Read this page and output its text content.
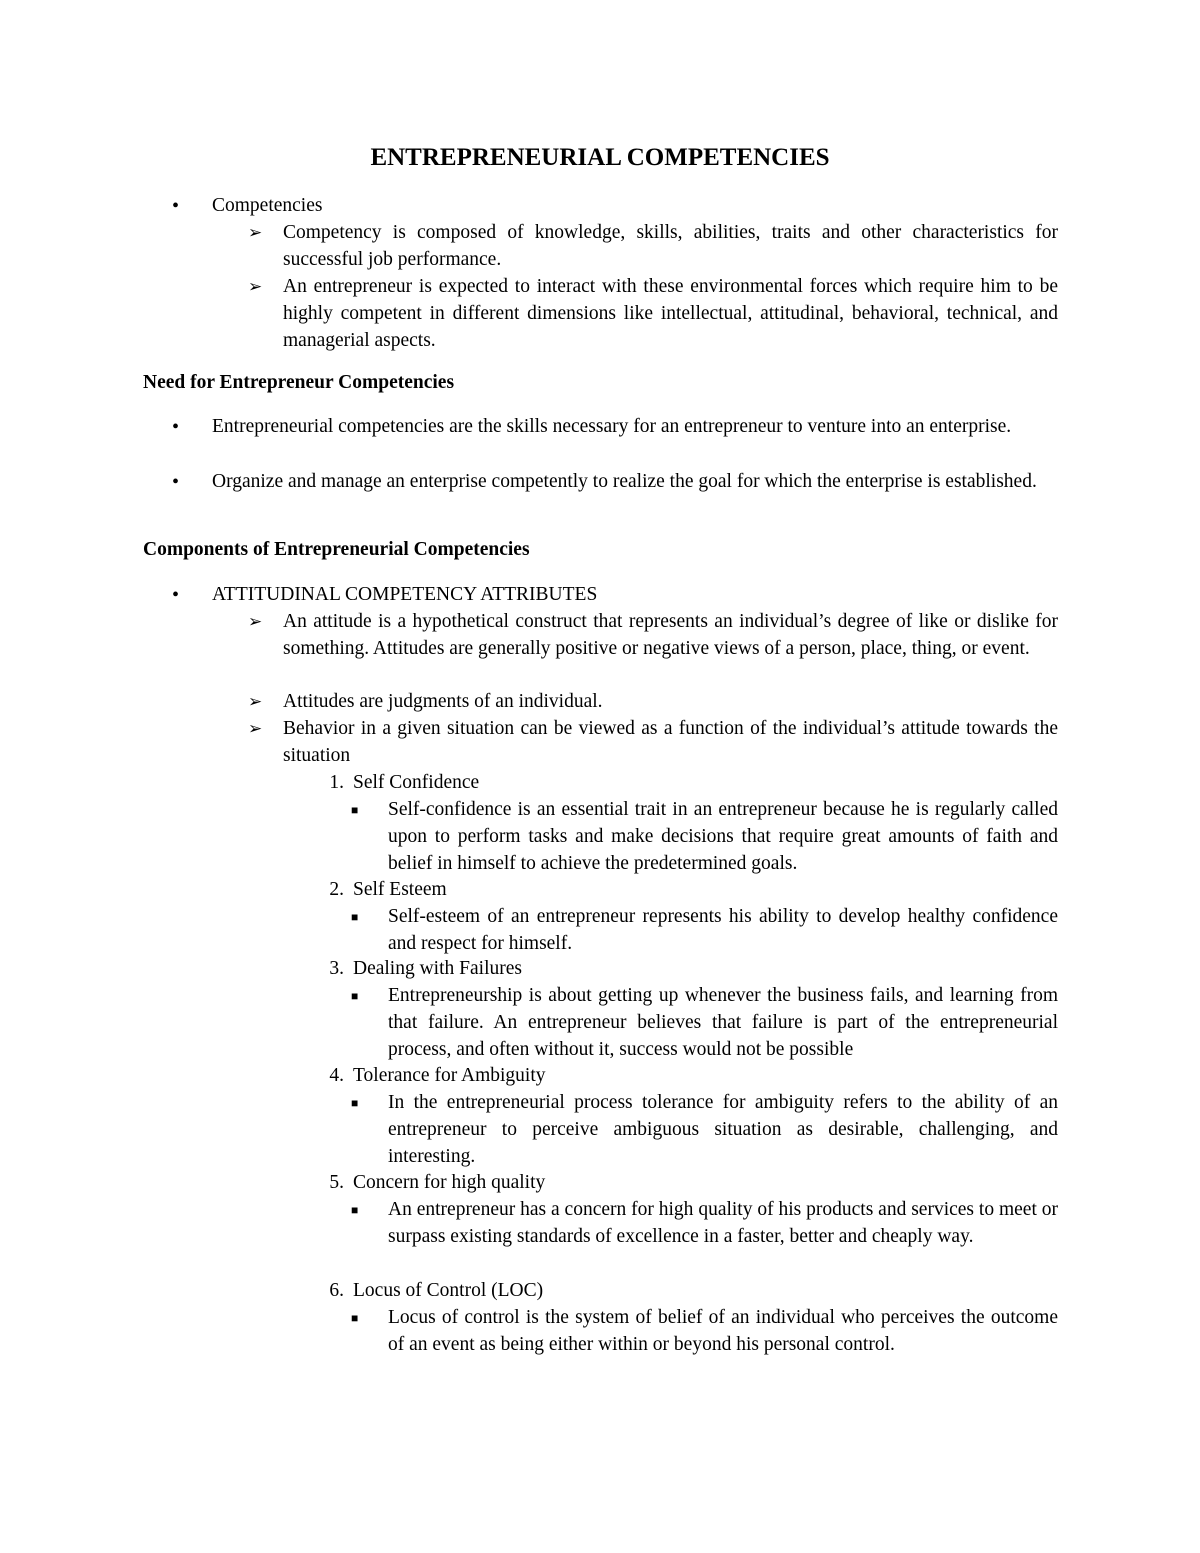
ENTREPRENEURIAL COMPETENCIES
• Competencies
➢ Competency is composed of knowledge, skills, abilities, traits and other characteristics for successful job performance.
➢ An entrepreneur is expected to interact with these environmental forces which require him to be highly competent in different dimensions like intellectual, attitudinal, behavioral, technical, and managerial aspects.
Need for Entrepreneur Competencies
• Entrepreneurial competencies are the skills necessary for an entrepreneur to venture into an enterprise.
• Organize and manage an enterprise competently to realize the goal for which the enterprise is established.
Components of Entrepreneurial Competencies
• ATTITUDINAL COMPETENCY ATTRIBUTES
➢ An attitude is a hypothetical construct that represents an individual’s degree of like or dislike for something. Attitudes are generally positive or negative views of a person, place, thing, or event.
➢ Attitudes are judgments of an individual.
➢ Behavior in a given situation can be viewed as a function of the individual’s attitude towards the situation
1. Self Confidence
■ Self-confidence is an essential trait in an entrepreneur because he is regularly called upon to perform tasks and make decisions that require great amounts of faith and belief in himself to achieve the predetermined goals.
2. Self Esteem
■ Self-esteem of an entrepreneur represents his ability to develop healthy confidence and respect for himself.
3. Dealing with Failures
■ Entrepreneurship is about getting up whenever the business fails, and learning from that failure. An entrepreneur believes that failure is part of the entrepreneurial process, and often without it, success would not be possible
4. Tolerance for Ambiguity
■ In the entrepreneurial process tolerance for ambiguity refers to the ability of an entrepreneur to perceive ambiguous situation as desirable, challenging, and interesting.
5. Concern for high quality
■ An entrepreneur has a concern for high quality of his products and services to meet or surpass existing standards of excellence in a faster, better and cheaply way.
6. Locus of Control (LOC)
■ Locus of control is the system of belief of an individual who perceives the outcome of an event as being either within or beyond his personal control.
